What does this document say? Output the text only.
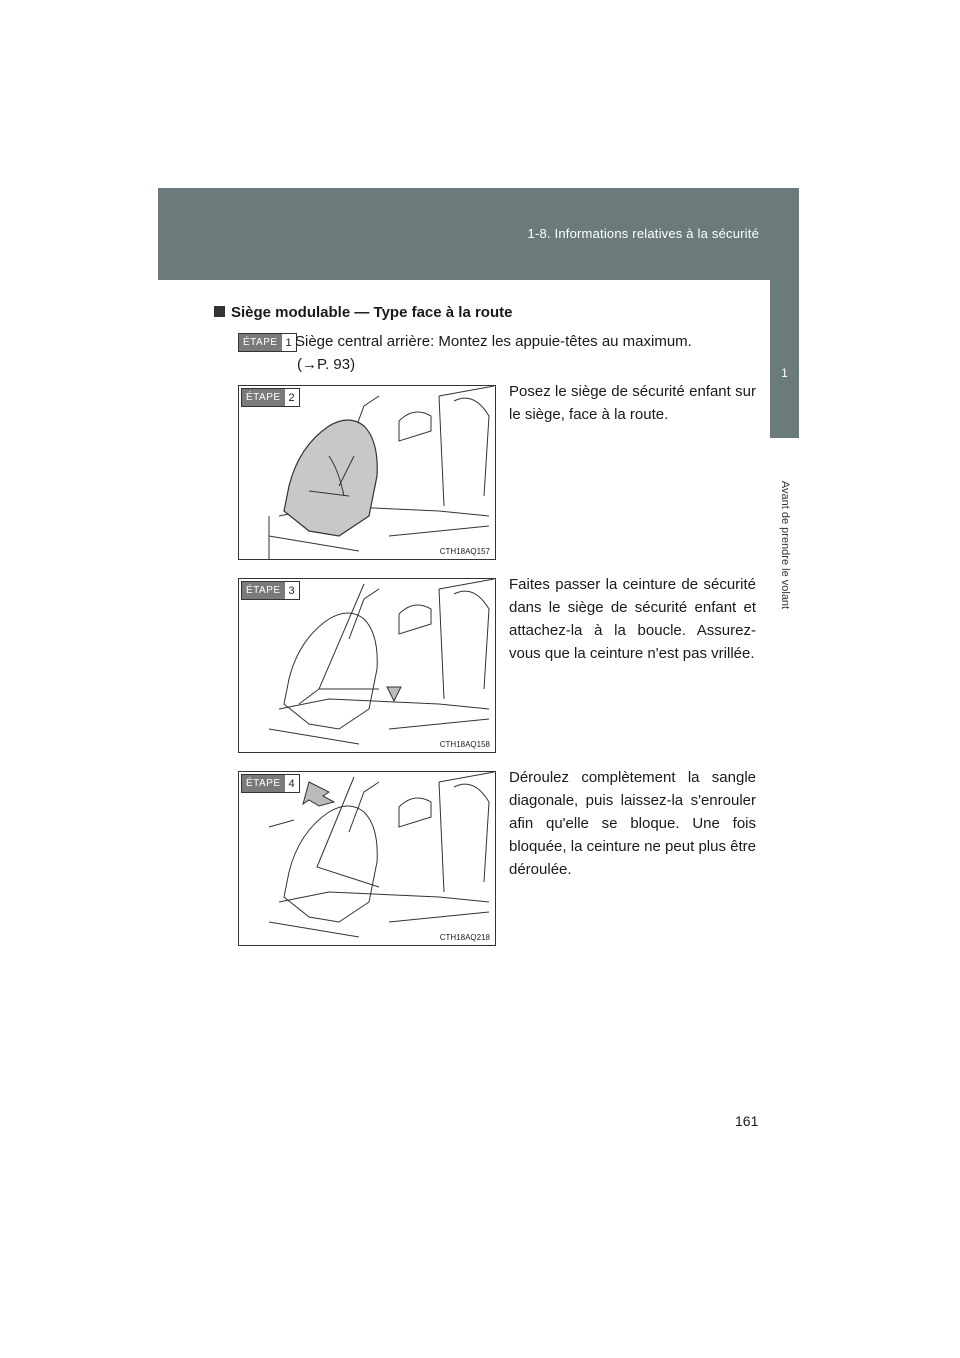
1-8. Informations relatives à la sécurité
1
Avant de prendre le volant
Siège modulable — Type face à la route
ÉTAPE 1 Siège central arrière: Montez les appuie-têtes au maximum.
(→P. 93)
CTH18AQ157
ÉTAPE 2	Posez le siège de sécurité enfant sur le siège, face à la route.
CTH18AQ158
ÉTAPE 3	Faites passer la ceinture de sécurité dans le siège de sécurité enfant et attachez-la à la boucle. Assurez-vous que la ceinture n'est pas vrillée.
CTH18AQ218
ÉTAPE 4	Déroulez complètement la sangle diagonale, puis laissez-la s'enrouler afin qu'elle se bloque. Une fois bloquée, la ceinture ne peut plus être déroulée.
161
